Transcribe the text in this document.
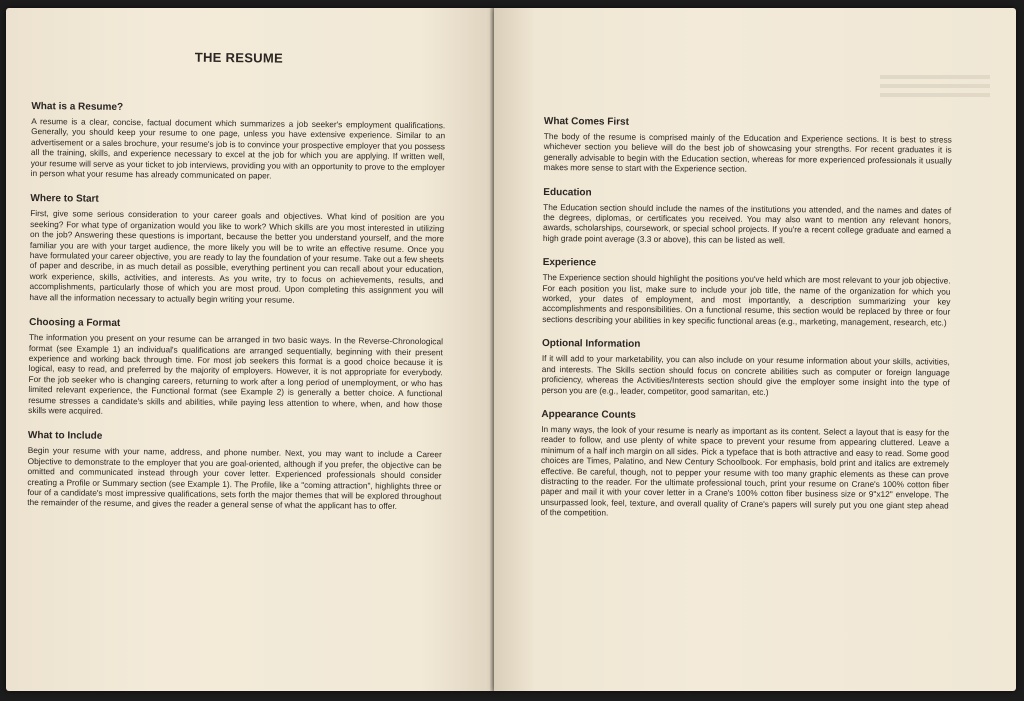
THE RESUME
What is a Resume?

A resume is a clear, concise, factual document which summarizes a job seeker's employment qualifications. Generally, you should keep your resume to one page, unless you have extensive experience. Similar to an advertisement or a sales brochure, your resume's job is to convince your prospective employer that you possess all the training, skills, and experience necessary to excel at the job for which you are applying. If written well, your resume will serve as your ticket to job interviews, providing you with an opportunity to prove to the employer in person what your resume has already communicated on paper.

Where to Start

First, give some serious consideration to your career goals and objectives. What kind of position are you seeking? For what type of organization would you like to work? Which skills are you most interested in utilizing on the job? Answering these questions is important, because the better you understand yourself, and the more familiar you are with your target audience, the more likely you will be to write an effective resume. Once you have formulated your career objective, you are ready to lay the foundation of your resume. Take out a few sheets of paper and describe, in as much detail as possible, everything pertinent you can recall about your education, work experience, skills, activities, and interests. As you write, try to focus on achievements, results, and accomplishments, particularly those of which you are most proud. Upon completing this assignment you will have all the information necessary to actually begin writing your resume.

Choosing a Format

The information you present on your resume can be arranged in two basic ways. In the Reverse-Chronological format (see Example 1) an individual's qualifications are arranged sequentially, beginning with their present experience and working back through time. For most job seekers this format is a good choice because it is logical, easy to read, and preferred by the majority of employers. However, it is not appropriate for everybody. For the job seeker who is changing careers, returning to work after a long period of unemployment, or who has limited relevant experience, the Functional format (see Example 2) is generally a better choice. A functional resume stresses a candidate's skills and abilities, while paying less attention to where, when, and how those skills were acquired.

What to Include

Begin your resume with your name, address, and phone number. Next, you may want to include a Career Objective to demonstrate to the employer that you are goal-oriented, although if you prefer, the objective can be omitted and communicated instead through your cover letter. Experienced professionals should consider creating a Profile or Summary section (see Example 1). The Profile, like a "coming attraction", highlights three or four of a candidate's most impressive qualifications, sets forth the major themes that will be explored throughout the remainder of the resume, and gives the reader a general sense of what the applicant has to offer.

What Comes First

The body of the resume is comprised mainly of the Education and Experience sections. It is best to stress whichever section you believe will do the best job of showcasing your strengths. For recent graduates it is generally advisable to begin with the Education section, whereas for more experienced professionals it usually makes more sense to start with the Experience section.

Education

The Education section should include the names of the institutions you attended, and the names and dates of the degrees, diplomas, or certificates you received. You may also want to mention any relevant honors, awards, scholarships, coursework, or special school projects. If you're a recent college graduate and earned a high grade point average (3.3 or above), this can be listed as well.

Experience

The Experience section should highlight the positions you've held which are most relevant to your job objective. For each position you list, make sure to include your job title, the name of the organization for which you worked, your dates of employment, and most importantly, a description summarizing your key accomplishments and responsibilities. On a functional resume, this section would be replaced by three or four sections describing your abilities in key specific functional areas (e.g., marketing, management, research, etc.)

Optional Information

If it will add to your marketability, you can also include on your resume information about your skills, activities, and interests. The Skills section should focus on concrete abilities such as computer or foreign language proficiency, whereas the Activities/Interests section should give the employer some insight into the type of person you are (e.g., leader, competitor, good samaritan, etc.)

Appearance Counts

In many ways, the look of your resume is nearly as important as its content. Select a layout that is easy for the reader to follow, and use plenty of white space to prevent your resume from appearing cluttered. Leave a minimum of a half inch margin on all sides. Pick a typeface that is both attractive and easy to read. Some good choices are Times, Palatino, and New Century Schoolbook. For emphasis, bold print and italics are extremely effective. Be careful, though, not to pepper your resume with too many graphic elements as these can prove distracting to the reader. For the ultimate professional touch, print your resume on Crane's 100% cotton fiber paper and mail it with your cover letter in a Crane's 100% cotton fiber business size or 9"x12" envelope. The unsurpassed look, feel, texture, and overall quality of Crane's papers will surely put you one giant step ahead of the competition.
